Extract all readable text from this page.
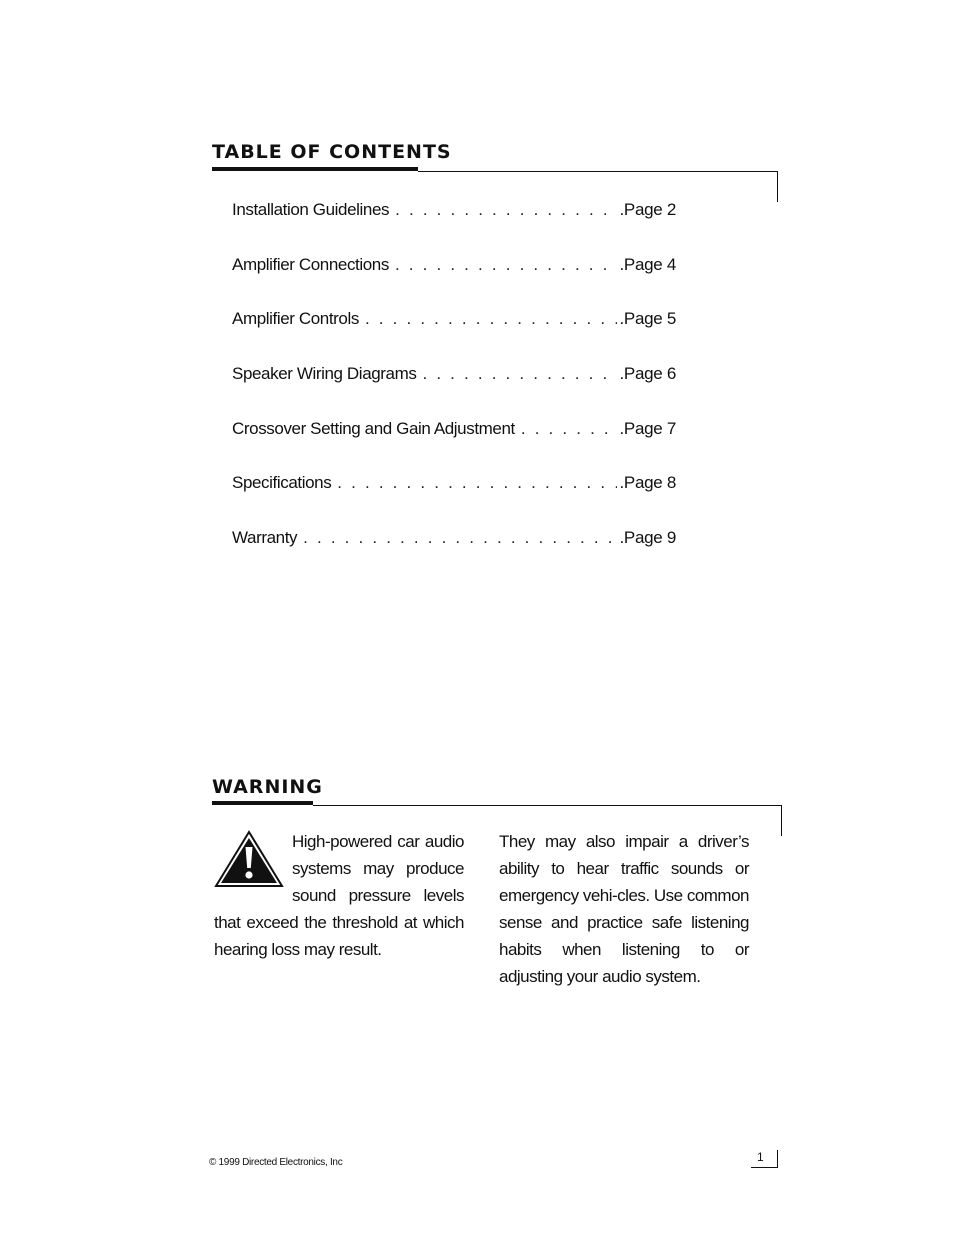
TABLE OF CONTENTS
Installation Guidelines . . .	.Page 2
Amplifier Connections . . .	.Page 4
Amplifier Controls . . .	.Page 5
Speaker Wiring Diagrams . . .	.Page 6
Crossover Setting and Gain Adjustment . . .	.Page 7
Specifications . . .	.Page 8
Warranty . . .	.Page 9
WARNING
High-powered car audio systems may produce sound pressure levels that exceed the threshold at which hearing loss may result.
They may also impair a driver’s ability to hear traffic sounds or emergency vehi-cles. Use common sense and practice safe listening habits when listening to or adjusting your audio system.
© 1999 Directed Electronics, Inc	1
